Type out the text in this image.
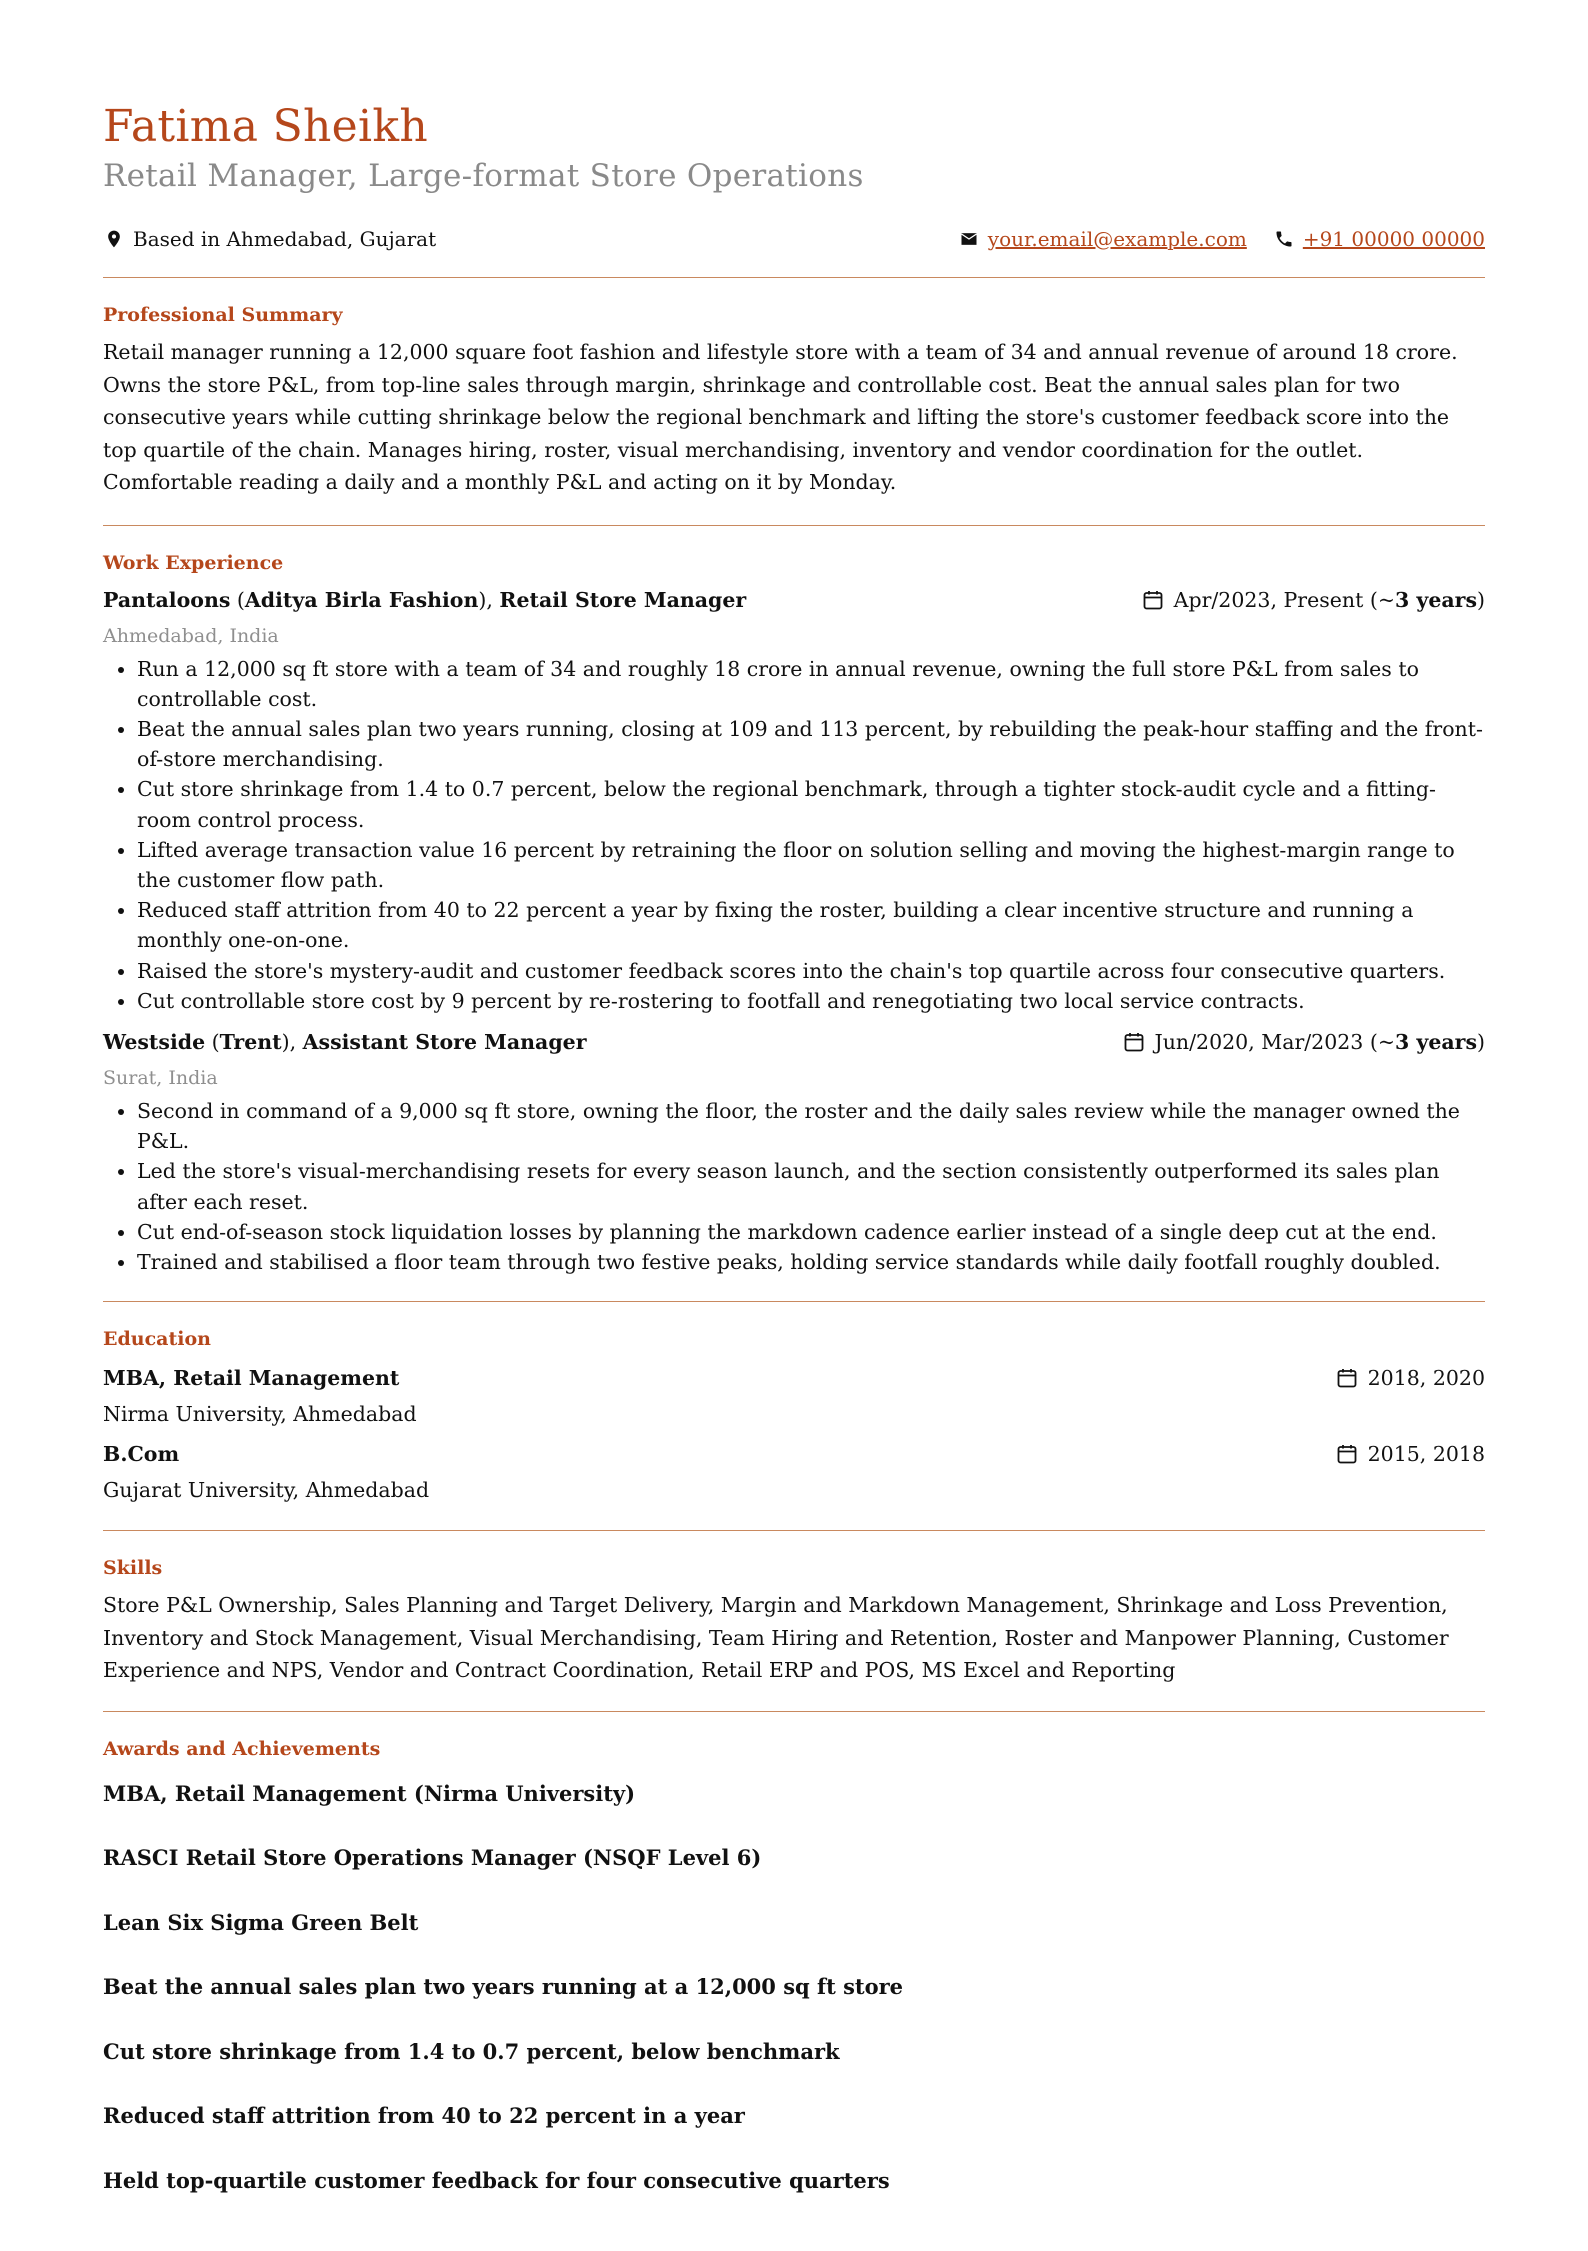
Fatima Sheikh
Retail Manager, Large-format Store Operations
Based in Ahmedabad, Gujarat	your.email@example.com	+91 00000 00000
Professional Summary

Retail manager running a 12,000 square foot fashion and lifestyle store with a team of 34 and annual revenue of around 18 crore. Owns the store P&L, from top-line sales through margin, shrinkage and controllable cost. Beat the annual sales plan for two consecutive years while cutting shrinkage below the regional benchmark and lifting the store's customer feedback score into the top quartile of the chain. Manages hiring, roster, visual merchandising, inventory and vendor coordination for the outlet. Comfortable reading a daily and a monthly P&L and acting on it by Monday.

Work Experience
Pantaloons (Aditya Birla Fashion), Retail Store Manager	Apr/2023, Present (~ 3 years )
Ahmedabad, India
• Run a 12,000 sq ft store with a team of 34 and roughly 18 crore in annual revenue, owning the full store P&L from sales to controllable cost.
• Beat the annual sales plan two years running, closing at 109 and 113 percent, by rebuilding the peak-hour staffing and the front-of-store merchandising.
• Cut store shrinkage from 1.4 to 0.7 percent, below the regional benchmark, through a tighter stock-audit cycle and a fitting-room control process.
• Lifted average transaction value 16 percent by retraining the floor on solution selling and moving the highest-margin range to the customer flow path.
• Reduced staff attrition from 40 to 22 percent a year by fixing the roster, building a clear incentive structure and running a monthly one-on-one.
• Raised the store's mystery-audit and customer feedback scores into the chain's top quartile across four consecutive quarters.
• Cut controllable store cost by 9 percent by re-rostering to footfall and renegotiating two local service contracts.
Westside (Trent), Assistant Store Manager	Jun/2020, Mar/2023 (~ 3 years )
Surat, India
• Second in command of a 9,000 sq ft store, owning the floor, the roster and the daily sales review while the manager owned the P&L.
• Led the store's visual-merchandising resets for every season launch, and the section consistently outperformed its sales plan after each reset.
• Cut end-of-season stock liquidation losses by planning the markdown cadence earlier instead of a single deep cut at the end.
• Trained and stabilised a floor team through two festive peaks, holding service standards while daily footfall roughly doubled.
Education
MBA, Retail Management	2018, 2020
Nirma University, Ahmedabad
B.Com	2015, 2018
Gujarat University, Ahmedabad
Skills

Store P&L Ownership, Sales Planning and Target Delivery, Margin and Markdown Management, Shrinkage and Loss Prevention, Inventory and Stock Management, Visual Merchandising, Team Hiring and Retention, Roster and Manpower Planning, Customer Experience and NPS, Vendor and Contract Coordination, Retail ERP and POS, MS Excel and Reporting

Awards and Achievements
MBA, Retail Management (Nirma University)
RASCI Retail Store Operations Manager (NSQF Level 6)
Lean Six Sigma Green Belt
Beat the annual sales plan two years running at a 12,000 sq ft store
Cut store shrinkage from 1.4 to 0.7 percent, below benchmark
Reduced staff attrition from 40 to 22 percent in a year
Held top-quartile customer feedback for four consecutive quarters
